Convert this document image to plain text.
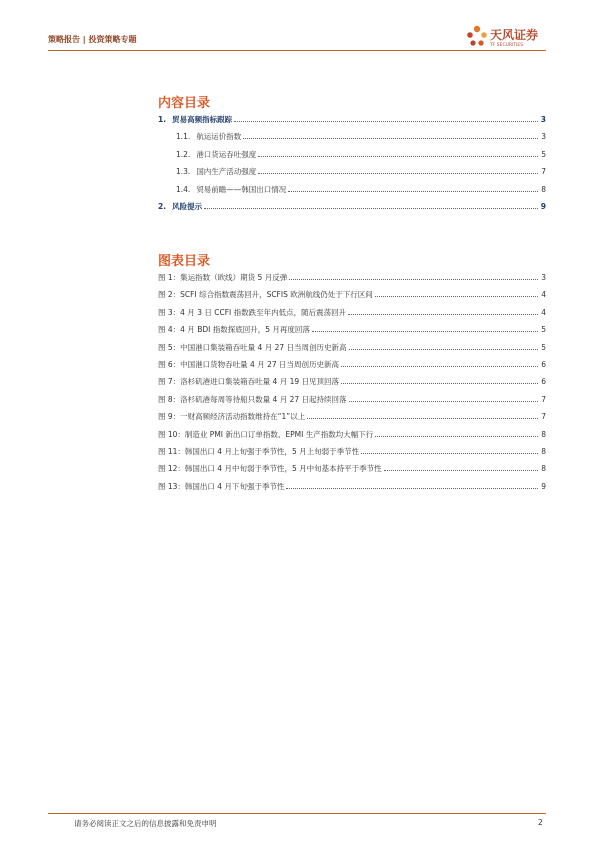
策略报告 | 投资策略专题	天风证券
TF SECURITIES
内容目录
1. 贸易高频指标跟踪	3
1.1. 航运运价指数	3
1.2. 港口货运吞吐强度	5
1.3. 国内生产活动强度	7
1.4. 贸易前瞻——韩国出口情况	8
2. 风险提示	9
图表目录
图 1：集运指数（欧线）期货 5 月反弹	3
图 2：SCFI 综合指数震荡回升，SCFIS 欧洲航线仍处于下行区间	4
图 3：4 月 3 日 CCFI 指数跌至年内低点，随后震荡回升	4
图 4：4 月 BDI 指数探底回升，5 月再度回落	5
图 5：中国港口集装箱吞吐量 4 月 27 日当周创历史新高	5
图 6：中国港口货物吞吐量 4 月 27 日当周创历史新高	6
图 7：洛杉矶港进口集装箱吞吐量 4 月 19 日见顶回落	6
图 8：洛杉矶港每周等待船只数量 4 月 27 日起持续回落	7
图 9：一财高频经济活动指数维持在“1”以上	7
图 10：制造业 PMI 新出口订单指数、EPMI 生产指数均大幅下行	8
图 11：韩国出口 4 月上旬强于季节性，5 月上旬弱于季节性	8
图 12：韩国出口 4 月中旬弱于季节性，5 月中旬基本持平于季节性	8
图 13：韩国出口 4 月下旬强于季节性	9
请务必阅读正文之后的信息披露和免责申明	2
